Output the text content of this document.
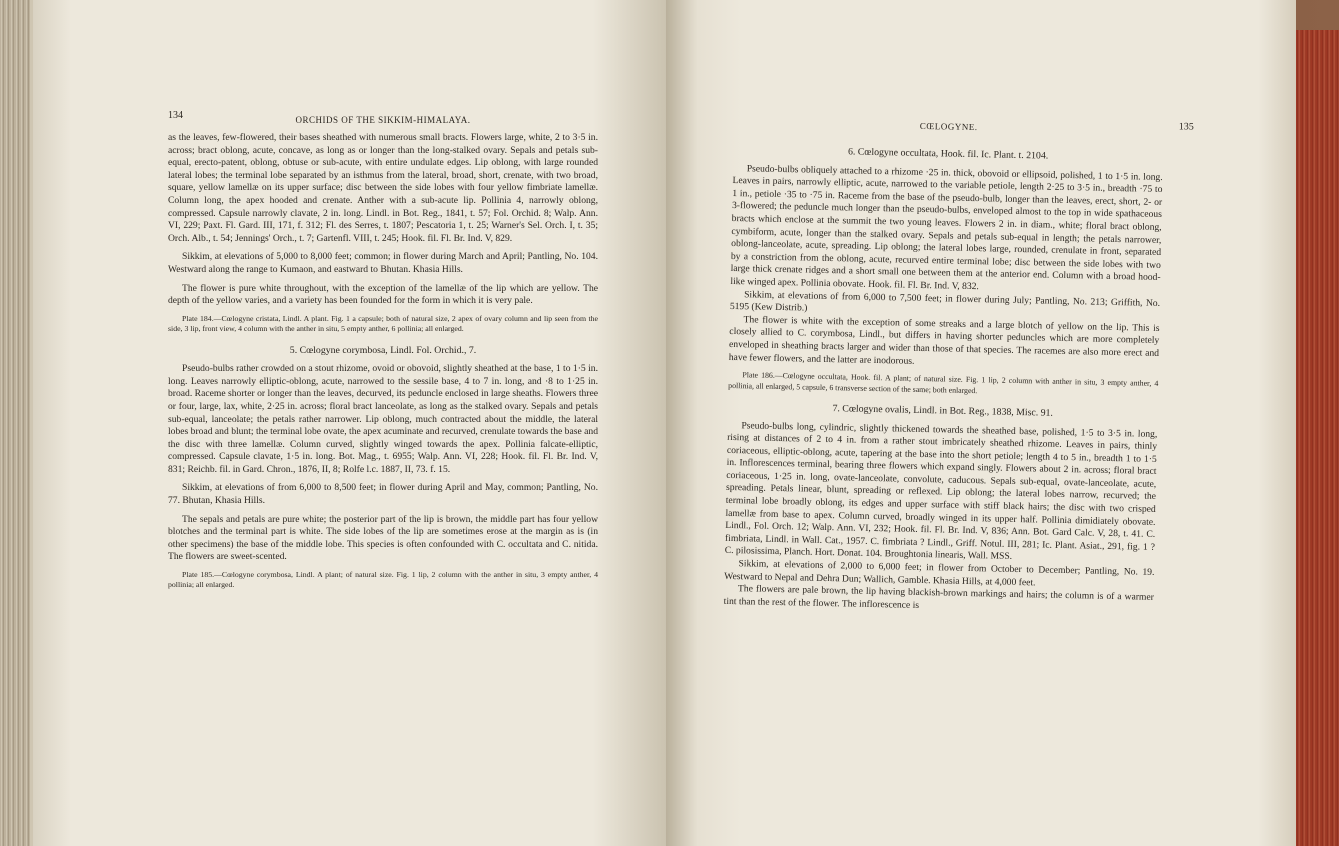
134	ORCHIDS OF THE SIKKIM-HIMALAYA.

as the leaves, few-flowered, their bases sheathed with numerous small bracts. Flowers large, white, 2 to 3·5 in. across; bract oblong, acute, concave, as long as or longer than the long-stalked ovary. Sepals and petals sub-equal, erecto-patent, oblong, obtuse or sub-acute, with entire undulate edges. Lip oblong, with large rounded lateral lobes; the terminal lobe separated by an isthmus from the lateral, broad, short, crenate, with two broad, square, yellow lamellæ on its upper surface; disc between the side lobes with four yellow fimbriate lamellæ. Column long, the apex hooded and crenate. Anther with a sub-acute lip. Pollinia 4, narrowly oblong, compressed. Capsule narrowly clavate, 2 in. long. Lindl. in Bot. Reg., 1841, t. 57; Fol. Orchid. 8; Walp. Ann. VI, 229; Paxt. Fl. Gard. III, 171, f. 312; Fl. des Serres, t. 1807; Pescatoria 1, t. 25; Warner's Sel. Orch. I, t. 35; Orch. Alb., t. 54; Jennings' Orch., t. 7; Gartenfl. VIII, t. 245; Hook. fil. Fl. Br. Ind. V, 829.

Sikkim, at elevations of 5,000 to 8,000 feet; common; in flower during March and April; Pantling, No. 104. Westward along the range to Kumaon, and eastward to Bhutan. Khasia Hills.

The flower is pure white throughout, with the exception of the lamellæ of the lip which are yellow. The depth of the yellow varies, and a variety has been founded for the form in which it is very pale.

Plate 184.—Cœlogyne cristata, Lindl. A plant. Fig. 1 a capsule; both of natural size, 2 apex of ovary column and lip seen from the side, 3 lip, front view, 4 column with the anther in situ, 5 empty anther, 6 pollinia; all enlarged.

5. Cœlogyne corymbosa, Lindl. Fol. Orchid., 7.

Pseudo-bulbs rather crowded on a stout rhizome, ovoid or obovoid, slightly sheathed at the base, 1 to 1·5 in. long. Leaves narrowly elliptic-oblong, acute, narrowed to the sessile base, 4 to 7 in. long, and ·8 to 1·25 in. broad. Raceme shorter or longer than the leaves, decurved, its peduncle enclosed in large sheaths. Flowers three or four, large, lax, white, 2·25 in. across; floral bract lanceolate, as long as the stalked ovary. Sepals and petals sub-equal, lanceolate; the petals rather narrower. Lip oblong, much contracted about the middle, the lateral lobes broad and blunt; the terminal lobe ovate, the apex acuminate and recurved, crenulate towards the base and the disc with three lamellæ. Column curved, slightly winged towards the apex. Pollinia falcate-elliptic, compressed. Capsule clavate, 1·5 in. long. Bot. Mag., t. 6955; Walp. Ann. VI, 228; Hook. fil. Fl. Br. Ind. V, 831; Reichb. fil. in Gard. Chron., 1876, II, 8; Rolfe l.c. 1887, II, 73. f. 15.

Sikkim, at elevations of from 6,000 to 8,500 feet; in flower during April and May, common; Pantling, No. 77. Bhutan, Khasia Hills.

The sepals and petals are pure white; the posterior part of the lip is brown, the middle part has four yellow blotches and the terminal part is white. The side lobes of the lip are sometimes erose at the margin as is (in other specimens) the base of the middle lobe. This species is often confounded with C. occultata and C. nitida. The flowers are sweet-scented.

Plate 185.—Cœlogyne corymbosa, Lindl. A plant; of natural size. Fig. 1 lip, 2 column with the anther in situ, 3 empty anther, 4 pollinia; all enlarged.

CŒLOGYNE.	135

6. Cœlogyne occultata, Hook. fil. Ic. Plant. t. 2104.

Pseudo-bulbs obliquely attached to a rhizome ·25 in. thick, obovoid or ellipsoid, polished, 1 to 1·5 in. long. Leaves in pairs, narrowly elliptic, acute, narrowed to the variable petiole, length 2·25 to 3·5 in., breadth ·75 to 1 in., petiole ·35 to ·75 in. Raceme from the base of the pseudo-bulb, longer than the leaves, erect, short, 2- or 3-flowered; the peduncle much longer than the pseudo-bulbs, enveloped almost to the top in wide spathaceous bracts which enclose at the summit the two young leaves. Flowers 2 in. in diam., white; floral bract oblong, cymbiform, acute, longer than the stalked ovary. Sepals and petals sub-equal in length; the petals narrower, oblong-lanceolate, acute, spreading. Lip oblong; the lateral lobes large, rounded, crenulate in front, separated by a constriction from the oblong, acute, recurved entire terminal lobe; disc between the side lobes with two large thick crenate ridges and a short small one between them at the anterior end. Column with a broad hood-like winged apex. Pollinia obovate. Hook. fil. Fl. Br. Ind. V, 832.

Sikkim, at elevations of from 6,000 to 7,500 feet; in flower during July; Pantling, No. 213; Griffith, No. 5195 (Kew Distrib.)

The flower is white with the exception of some streaks and a large blotch of yellow on the lip. This is closely allied to C. corymbosa, Lindl., but differs in having shorter peduncles which are more completely enveloped in sheathing bracts larger and wider than those of that species. The racemes are also more erect and have fewer flowers, and the latter are inodorous.

Plate 186.—Cœlogyne occultata, Hook. fil. A plant; of natural size. Fig. 1 lip, 2 column with anther in situ, 3 empty anther, 4 pollinia, all enlarged, 5 capsule, 6 transverse section of the same; both enlarged.

7. Cœlogyne ovalis, Lindl. in Bot. Reg., 1838, Misc. 91.

Pseudo-bulbs long, cylindric, slightly thickened towards the sheathed base, polished, 1·5 to 3·5 in. long, rising at distances of 2 to 4 in. from a rather stout imbricately sheathed rhizome. Leaves in pairs, thinly coriaceous, elliptic-oblong, acute, tapering at the base into the short petiole; length 4 to 5 in., breadth 1 to 1·5 in. Inflorescences terminal, bearing three flowers which expand singly. Flowers about 2 in. across; floral bract coriaceous, 1·25 in. long, ovate-lanceolate, convolute, caducous. Sepals sub-equal, ovate-lanceolate, acute, spreading. Petals linear, blunt, spreading or reflexed. Lip oblong; the lateral lobes narrow, recurved; the terminal lobe broadly oblong, its edges and upper surface with stiff black hairs; the disc with two crisped lamellæ from base to apex. Column curved, broadly winged in its upper half. Pollinia dimidiately obovate. Lindl., Fol. Orch. 12; Walp. Ann. VI, 232; Hook. fil. Fl. Br. Ind. V, 836; Ann. Bot. Gard Calc. V, 28, t. 41. C. fimbriata, Lindl. in Wall. Cat., 1957. C. fimbriata ? Lindl., Griff. Notul. III, 281; Ic. Plant. Asiat., 291, fig. 1 ? C. pilosissima, Planch. Hort. Donat. 104. Broughtonia linearis, Wall. MSS.

Sikkim, at elevations of 2,000 to 6,000 feet; in flower from October to December; Pantling, No. 19. Westward to Nepal and Dehra Dun; Wallich, Gamble. Khasia Hills, at 4,000 feet.

The flowers are pale brown, the lip having blackish-brown markings and hairs; the column is of a warmer tint than the rest of the flower. The inflorescence is
